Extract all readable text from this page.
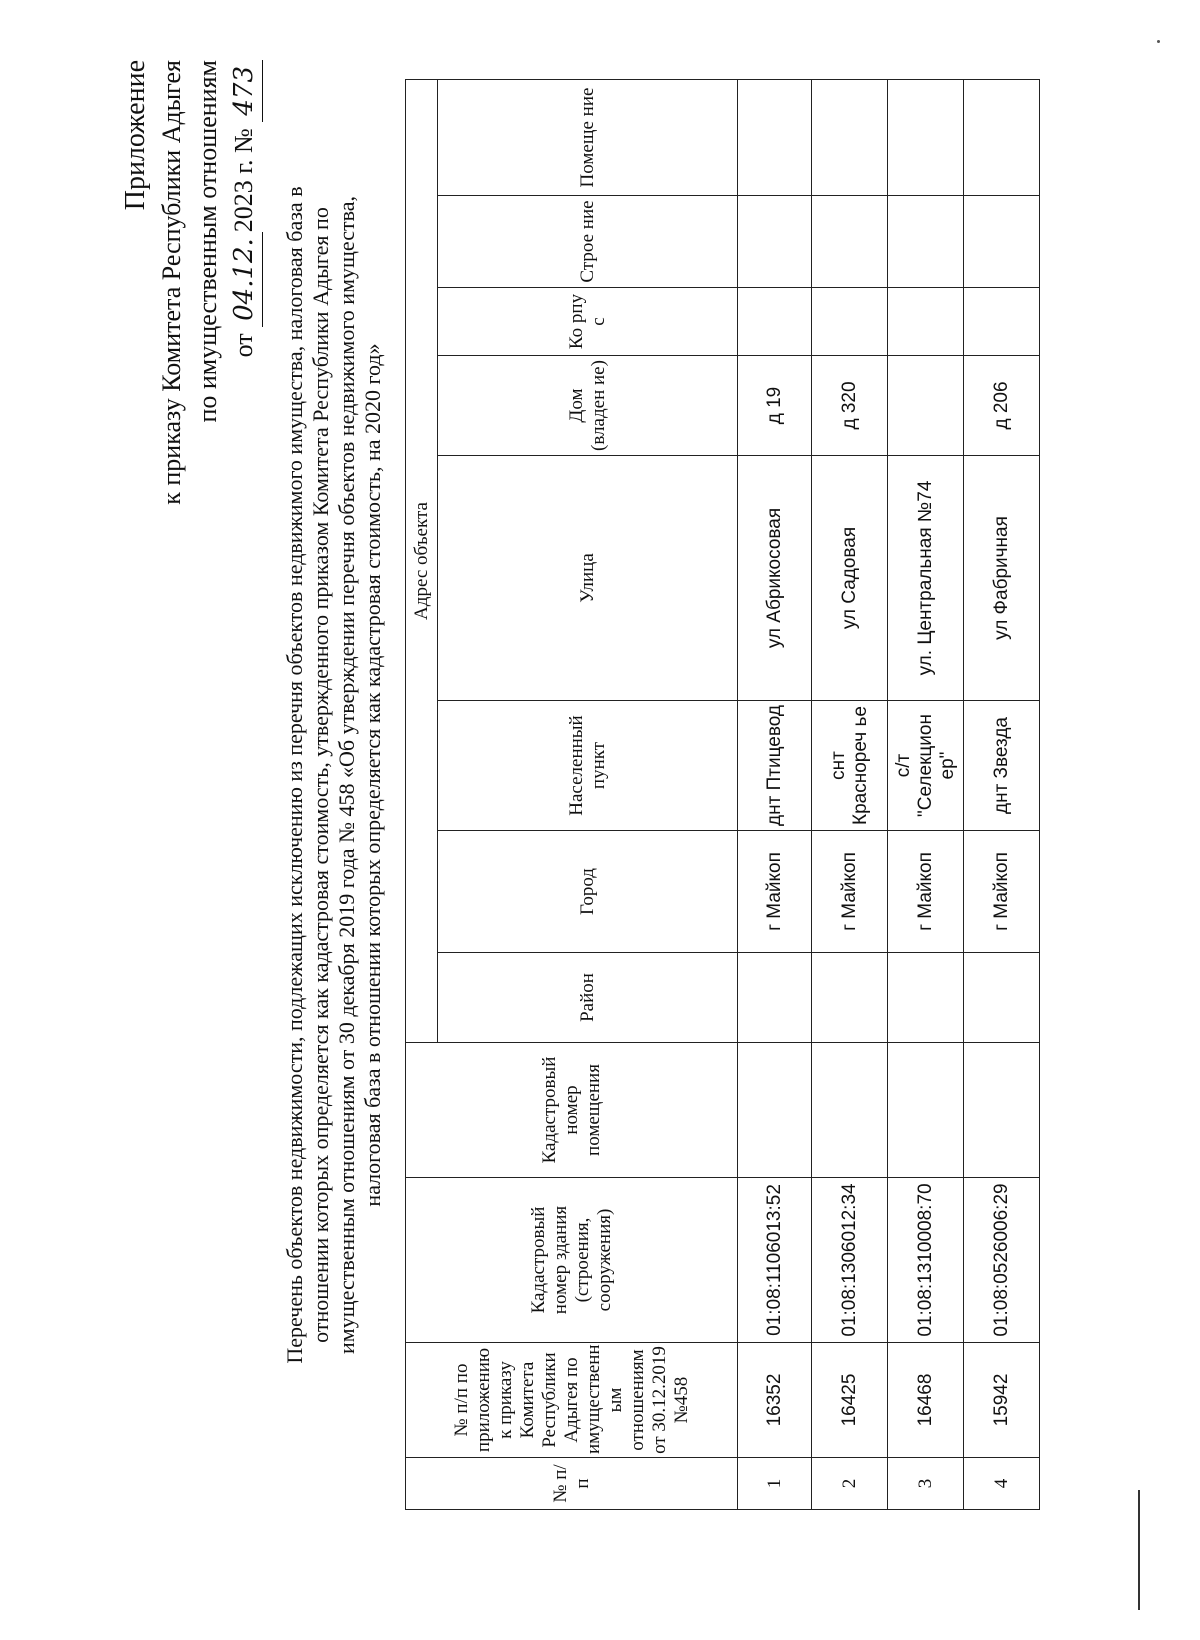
Приложение к приказу Комитета Республики Адыгея по имущественным отношениям от 04.12.2023 г. № 473
Перечень объектов недвижимости, подлежащих исключению из перечня объектов недвижимого имущества, налоговая база в отношении которых определяется как кадастровая стоимость, утвержденного приказом Комитета Республики Адыгея по имущественным отношениям от 30 декабря 2019 года № 458 «Об утверждении перечня объектов недвижимого имущества, налоговая база в отношении которых определяется как кадастровая стоимость, на 2020 год»
№ п/п	№ п/п по приложению к приказу Комитета Республики Адыгея по имущественн ым отношениям от 30.12.2019 №458	Кадастровый номер здания (строения, сооружения)	Кадастровый номер помещения	Адрес объекта							
				Район	Город	Населенный пункт	Улица	Дом (владен ие)	Ко рпу с	Строе ние	Помеще ние
1	16352	01:08:1106013:52			г Майкоп	днт Птицевод	ул Абрикосовая	д 19			
2	16425	01:08:1306012:34			г Майкоп	снт Краснореч ье	ул Садовая	д 320			
3	16468	01:08:1310008:70			г Майкоп	с/т "Селекцион ер"	ул. Центральная №74				
4	15942	01:08:0526006:29			г Майкоп	днт Звезда	ул Фабричная	д 206			
